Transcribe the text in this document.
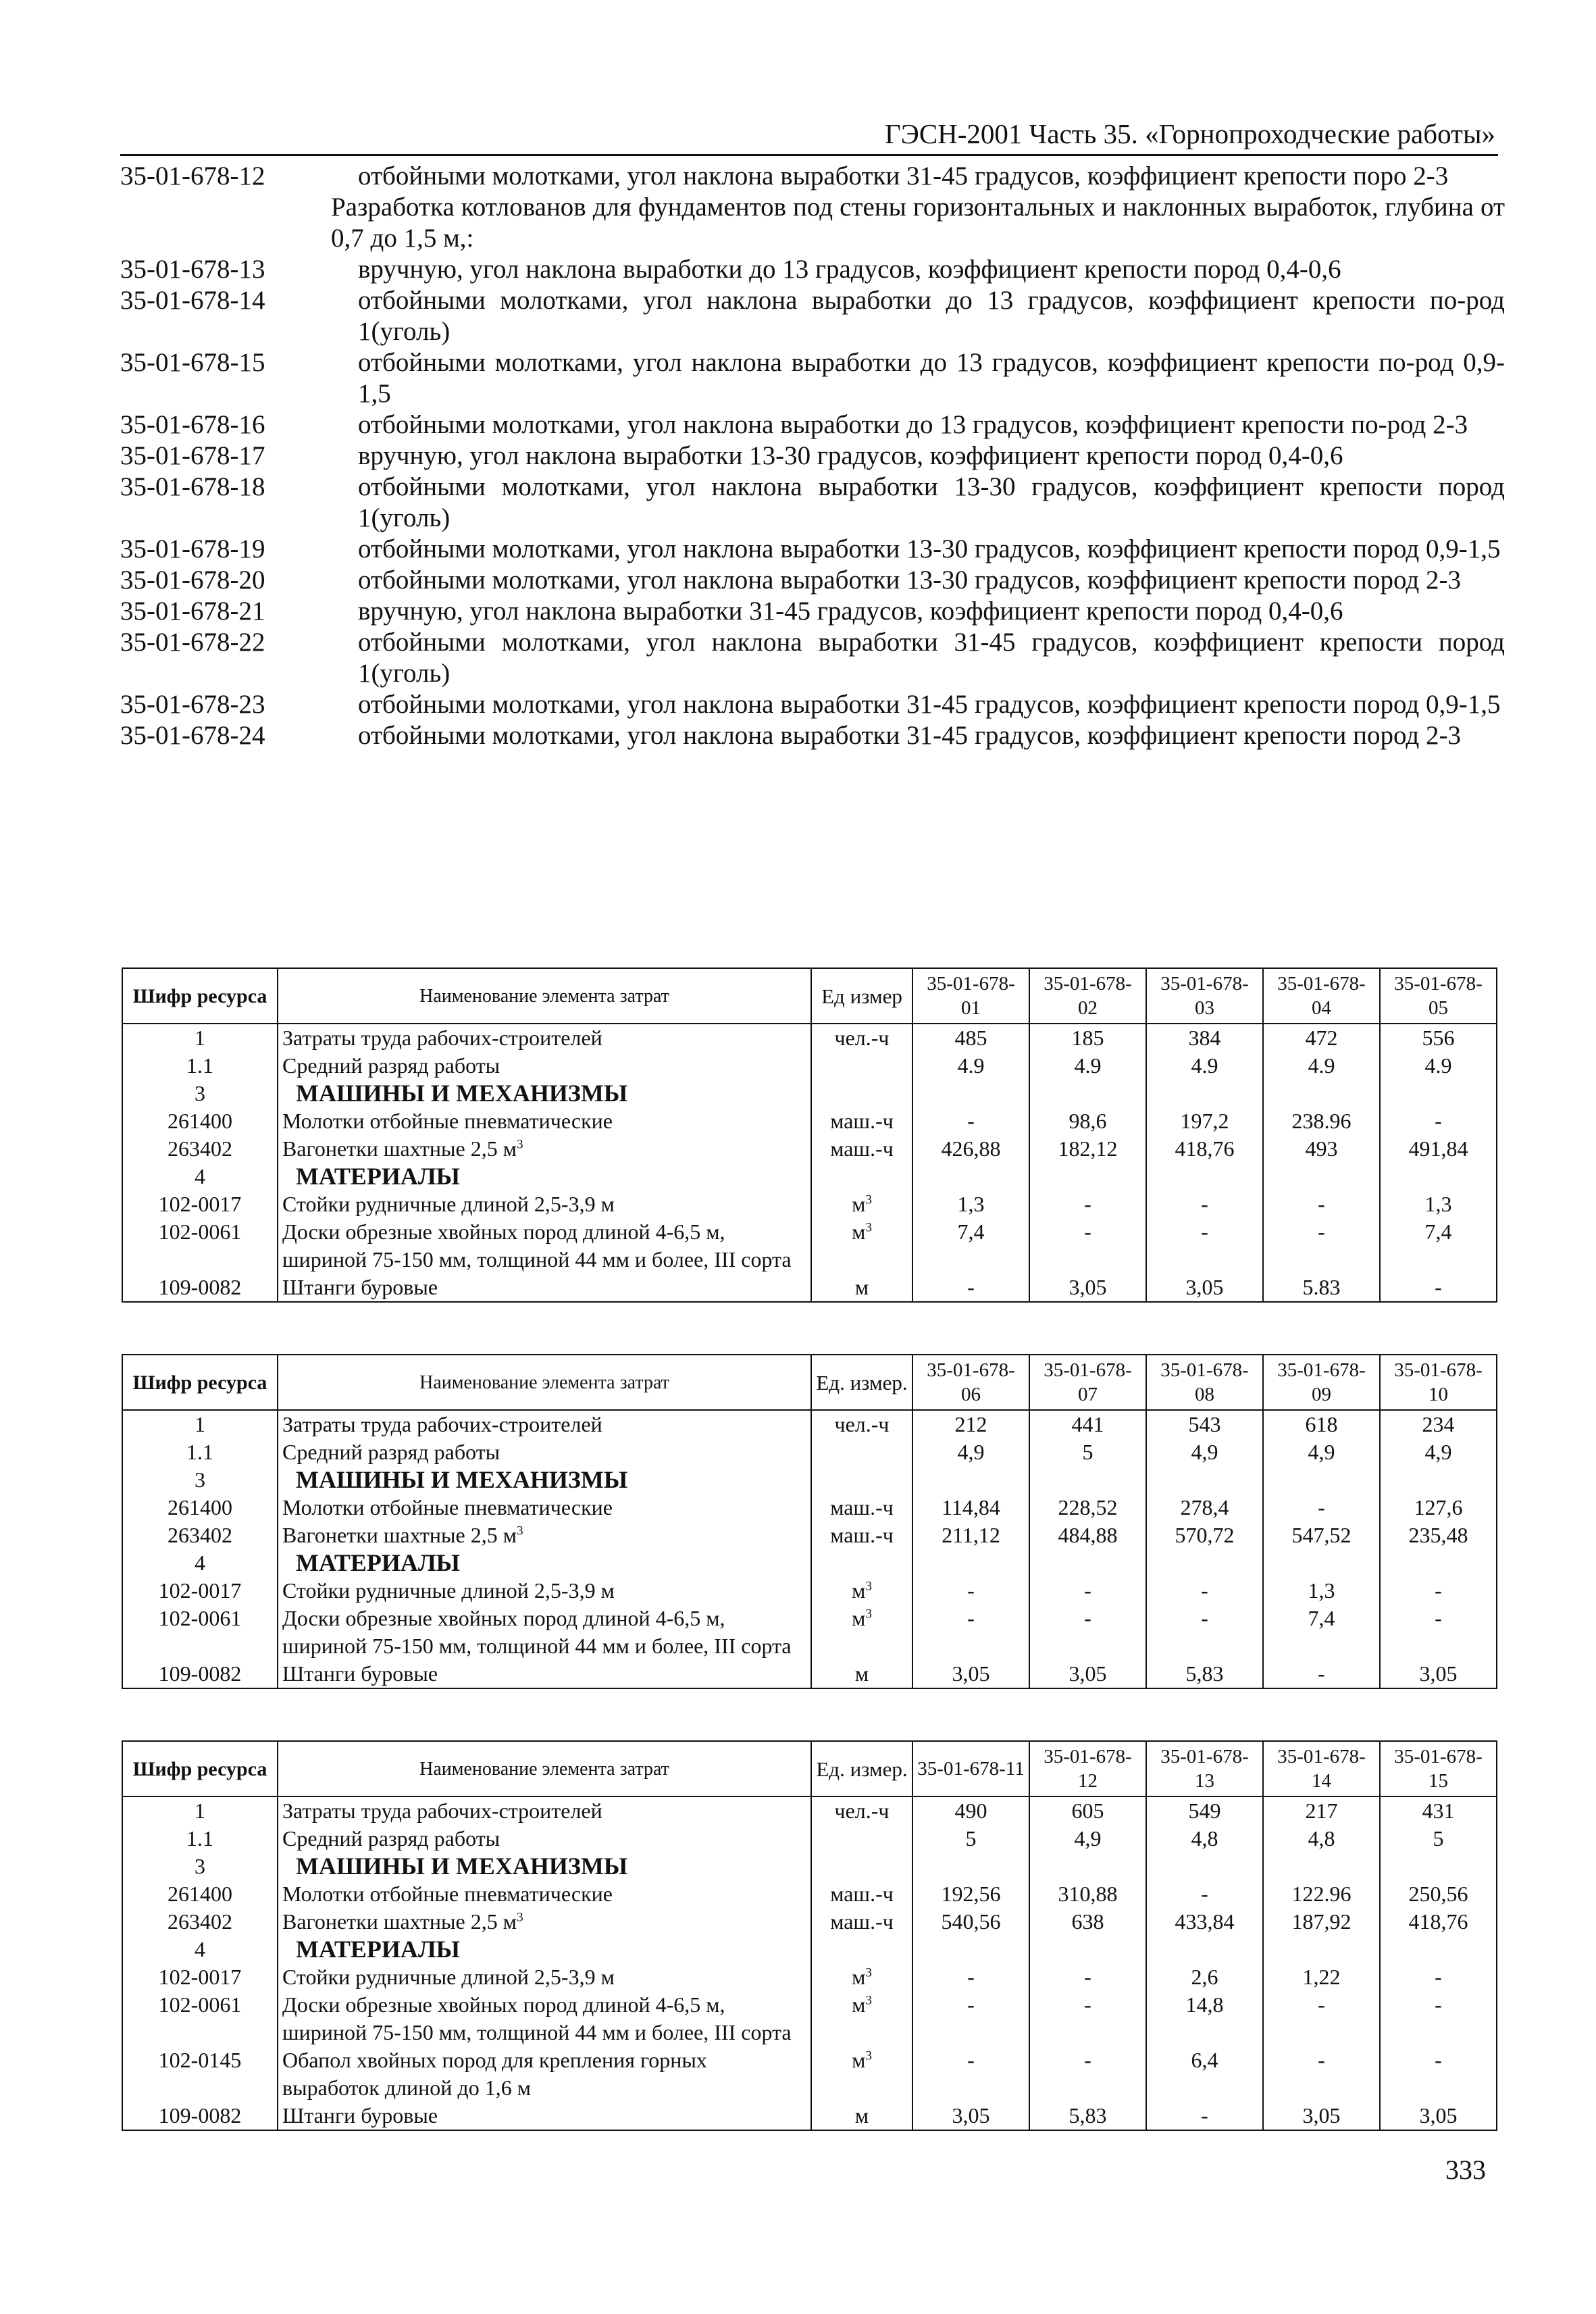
ГЭСН-2001 Часть 35. «Горнопроходческие работы»
35-01-678-12	отбойными молотками, угол наклона выработки 31-45 градусов, коэффициент крепости поро 2-3
Разработка котлованов для фундаментов под стены горизонтальных и наклонных выработок, глубина от 0,7 до 1,5 м,:
35-01-678-13	вручную, угол наклона выработки до 13 градусов, коэффициент крепости пород 0,4-0,6
35-01-678-14	отбойными молотками, угол наклона выработки до 13 градусов, коэффициент крепости по-род 1(уголь)
35-01-678-15	отбойными молотками, угол наклона выработки до 13 градусов, коэффициент крепости по-род 0,9-1,5
35-01-678-16	отбойными молотками, угол наклона выработки до 13 градусов, коэффициент крепости по-род 2-3
35-01-678-17	вручную, угол наклона выработки 13-30 градусов, коэффициент крепости пород 0,4-0,6
35-01-678-18	отбойными молотками, угол наклона выработки 13-30 градусов, коэффициент крепости пород 1(уголь)
35-01-678-19	отбойными молотками, угол наклона выработки 13-30 градусов, коэффициент крепости пород 0,9-1,5
35-01-678-20	отбойными молотками, угол наклона выработки 13-30 градусов, коэффициент крепости пород 2-3
35-01-678-21	вручную, угол наклона выработки 31-45 градусов, коэффициент крепости пород 0,4-0,6
35-01-678-22	отбойными молотками, угол наклона выработки 31-45 градусов, коэффициент крепости пород 1(уголь)
35-01-678-23	отбойными молотками, угол наклона выработки 31-45 градусов, коэффициент крепости пород 0,9-1,5
35-01-678-24	отбойными молотками, угол наклона выработки 31-45 градусов, коэффициент крепости пород 2-3
Шифр ресурса	Наименование элемента затрат	Ед измер	35-01-678-01	35-01-678-02	35-01-678-03	35-01-678-04	35-01-678-05
1	Затраты труда рабочих-строителей	чел.-ч	485	185	384	472	556
1.1	Средний разряд работы		4.9	4.9	4.9	4.9	4.9
3	МАШИНЫ И МЕХАНИЗМЫ						
261400	Молотки отбойные пневматические	маш.-ч	-	98,6	197,2	238.96	-
263402	Вагонетки шахтные 2,5 $м^3$	маш.-ч	426,88	182,12	418,76	493	491,84
4	МАТЕРИАЛЫ						
102-0017	Стойки рудничные длиной 2,5-3,9 м	$м^3$	1,3	-	-	-	1,3
102-0061	Доски обрезные хвойных пород длиной 4-6,5 м, шириной 75-150 мм, толщиной 44 мм и более, III сорта	$м^3$	7,4	-	-	-	7,4
109-0082	Штанги буровые	м	-	3,05	3,05	5.83	-
Шифр ресурса	Наименование элемента затрат	Ед. измер.	35-01-678-06	35-01-678-07	35-01-678-08	35-01-678-09	35-01-678-10
1	Затраты труда рабочих-строителей	чел.-ч	212	441	543	618	234
1.1	Средний разряд работы		4,9	5	4,9	4,9	4,9
3	МАШИНЫ И МЕХАНИЗМЫ						
261400	Молотки отбойные пневматические	маш.-ч	114,84	228,52	278,4	-	127,6
263402	Вагонетки шахтные 2,5 $м^3$	маш.-ч	211,12	484,88	570,72	547,52	235,48
4	МАТЕРИАЛЫ						
102-0017	Стойки рудничные длиной 2,5-3,9 м	$м^3$	-	-	-	1,3	-
102-0061	Доски обрезные хвойных пород длиной 4-6,5 м, шириной 75-150 мм, толщиной 44 мм и более, III сорта	$м^3$	-	-	-	7,4	-
109-0082	Штанги буровые	м	3,05	3,05	5,83	-	3,05
Шифр ресурса	Наименование элемента затрат	Ед. измер.	35-01-678-11	35-01-678-12	35-01-678-13	35-01-678-14	35-01-678-15
1	Затраты труда рабочих-строителей	чел.-ч	490	605	549	217	431
1.1	Средний разряд работы		5	4,9	4,8	4,8	5
3	МАШИНЫ И МЕХАНИЗМЫ						
261400	Молотки отбойные пневматические	маш.-ч	192,56	310,88	-	122.96	250,56
263402	Вагонетки шахтные 2,5 $м^3$	маш.-ч	540,56	638	433,84	187,92	418,76
4	МАТЕРИАЛЫ						
102-0017	Стойки рудничные длиной 2,5-3,9 м	$м^3$	-	-	2,6	1,22	-
102-0061	Доски обрезные хвойных пород длиной 4-6,5 м, шириной 75-150 мм, толщиной 44 мм и более, III сорта	$м^3$	-	-	14,8	-	-
102-0145	Обапол хвойных пород для крепления горных выработок длиной до 1,6 м	$м^3$	-	-	6,4	-	-
109-0082	Штанги буровые	м	3,05	5,83	-	3,05	3,05
333
